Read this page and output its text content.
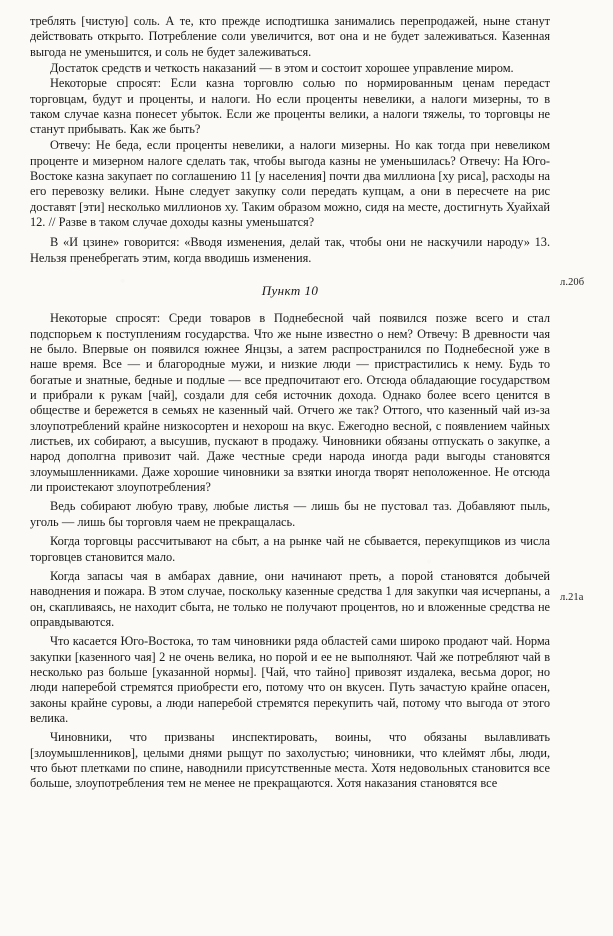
треблять [чистую] соль. А те, кто прежде исподтишка занимались перепродажей, ныне станут действовать открыто. Потребление соли увеличится, вот она и не будет залеживаться. Казенная выгода не уменьшится, и соль не будет залеживаться.

Достаток средств и четкость наказаний — в этом и состоит хорошее управление миром.

Некоторые спросят: Если казна торговлю солью по нормированным ценам передаст торговцам, будут и проценты, и налоги. Но если проценты невелики, а налоги мизерны, то в таком случае казна понесет убыток. Если же проценты велики, а налоги тяжелы, то торговцы не станут прибывать. Как же быть?

Отвечу: Не беда, если проценты невелики, а налоги мизерны. Но как тогда при невеликом проценте и мизерном налоге сделать так, чтобы выгода казны не уменьшилась? Отвечу: На Юго-Востоке казна закупает по соглашению 11 [у населения] почти два миллиона [ху риса], расходы на его перевозку велики. Ныне следует закупку соли передать купцам, а они в пересчете на рис доставят [эти] несколько миллионов ху. Таким образом можно, сидя на месте, достигнуть Хуайхай 12. // Разве в таком случае доходы казны уменьшатся?

В «И цзине» говорится: «Вводя изменения, делай так, чтобы они не наскучили народу» 13. Нельзя пренебрегать этим, когда вводишь изменения.

Пункт 10

Некоторые спросят: Среди товаров в Поднебесной чай появился позже всего и стал подспорьем к поступлениям государства. Что же ныне известно о нем? Отвечу: В древности чая не было. Впервые он появился южнее Янцзы, а затем распространился по Поднебесной уже в наше время. Все — и благородные мужи, и низкие люди — пристрастились к нему. Будь то богатые и знатные, бедные и подлые — все предпочитают его. Отсюда обладающие государством и прибрали к рукам [чай], создали для себя источник дохода. Однако более всего ценится в обществе и бережется в семьях не казенный чай. Отчего же так? Оттого, что казенный чай из-за злоупотреблений крайне низкосортен и нехорош на вкус. Ежегодно весной, с появлением чайных листьев, их собирают, а высушив, пускают в продажу. Чиновники обязаны отпускать о закупке, а народ дополгна привозит чай. Даже честные среди народа иногда ради выгоды становятся злоумышленниками. Даже хорошие чиновники за взятки иногда творят неположенное. Не отсюда ли проистекают злоупотребления?

Ведь собирают любую траву, любые листья — лишь бы не пустовал таз. Добавляют пыль, уголь — лишь бы торговля чаем не прекращалась.

Когда торговцы рассчитывают на сбыт, а на рынке чай не сбывается, перекупщиков из числа торговцев становится мало.

Когда запасы чая в амбарах давние, они начинают преть, а порой становятся добычей наводнения и пожара. В этом случае, поскольку казенные средства 1 для закупки чая исчерпаны, а он, скапливаясь, не находит сбыта, не только не получают процентов, но и вложенные средства не оправдываются.

Что касается Юго-Востока, то там чиновники ряда областей сами широко продают чай. Норма закупки [казенного чая] 2 не очень велика, но порой и ее не выполняют. Чай же потребляют чай в несколько раз больше [указанной нормы]. [Чай, что тайно] привозят издалека, весьма дорог, но люди наперебой стремятся приобрести его, потому что он вкусен. Путь зачастую крайне опасен, законы крайне суровы, а люди наперебой стремятся перекупить чай, потому что выгода от этого велика.

Чиновники, что призваны инспектировать, воины, что обязаны вылавливать [злоумышленников], целыми днями рыщут по захолустью; чиновники, что клеймят лбы, люди, что бьют плетками по спине, наводнили присутственные места. Хотя недовольных становится все больше, злоупотребления тем не менее не прекращаются. Хотя наказания становятся все

л.20б
л.21а
